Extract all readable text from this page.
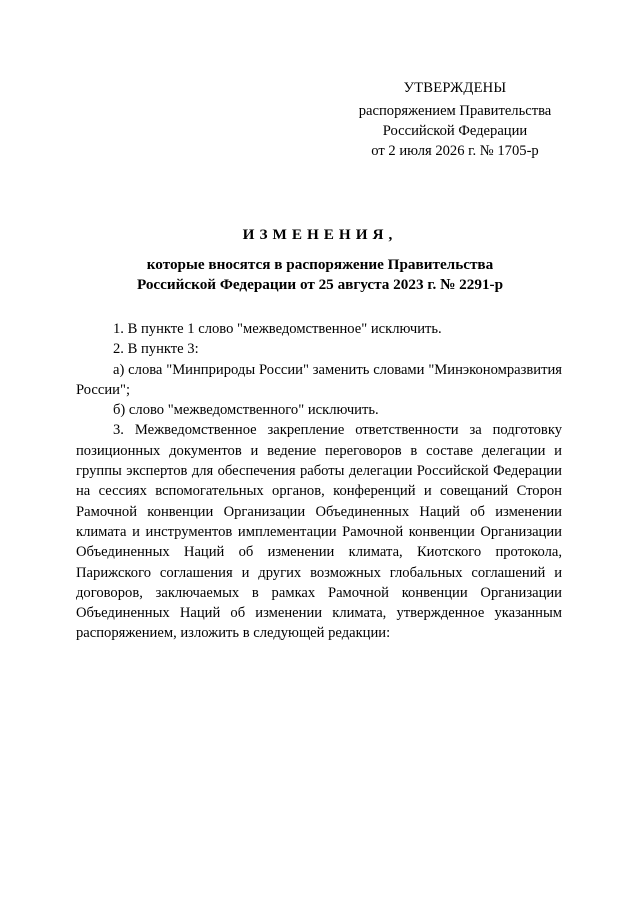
УТВЕРЖДЕНЫ
распоряжением Правительства
Российской Федерации
от 2 июля 2026 г. № 1705-р
ИЗМЕНЕНИЯ,
которые вносятся в распоряжение Правительства
Российской Федерации от 25 августа 2023 г. № 2291-р

1. В пункте 1 слово "межведомственное" исключить.

2. В пункте 3:

а) слова "Минприроды России" заменить словами "Минэкономразвития России";

б) слово "межведомственного" исключить.

3. Межведомственное закрепление ответственности за подготовку позиционных документов и ведение переговоров в составе делегации и группы экспертов для обеспечения работы делегации Российской Федерации на сессиях вспомогательных органов, конференций и совещаний Сторон Рамочной конвенции Организации Объединенных Наций об изменении климата и инструментов имплементации Рамочной конвенции Организации Объединенных Наций об изменении климата, Киотского протокола, Парижского соглашения и других возможных глобальных соглашений и договоров, заключаемых в рамках Рамочной конвенции Организации Объединенных Наций об изменении климата, утвержденное указанным распоряжением, изложить в следующей редакции:
